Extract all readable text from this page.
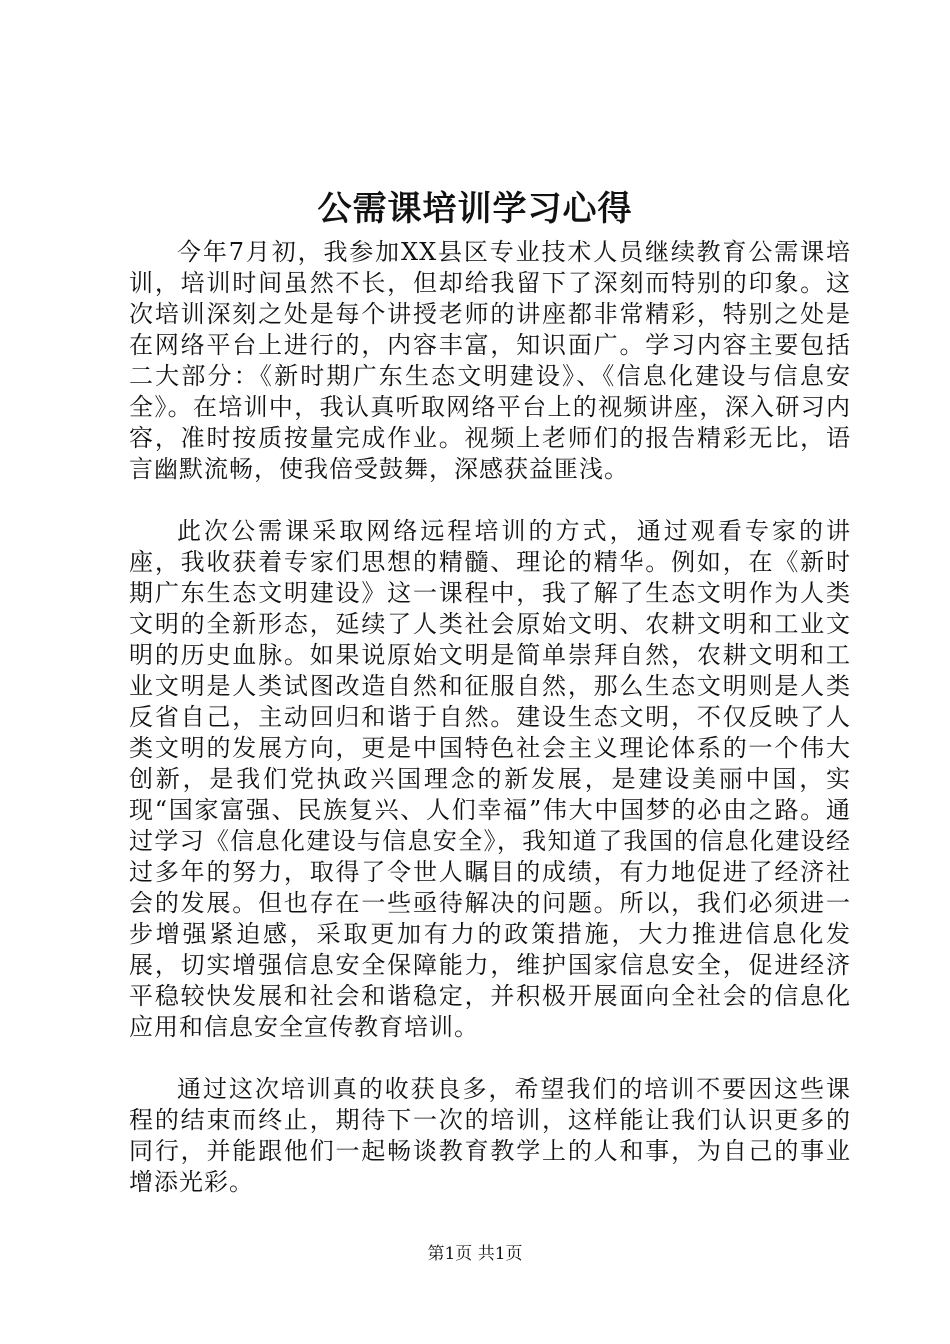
公需课培训学习心得

今年7月初，我参加XX县区专业技术人员继续教育公需课培训，培训时间虽然不长，但却给我留下了深刻而特别的印象。这次培训深刻之处是每个讲授老师的讲座都非常精彩，特别之处是在网络平台上进行的，内容丰富，知识面广。学习内容主要包括二大部分：《新时期广东生态文明建设》、《信息化建设与信息安全》。在培训中，我认真听取网络平台上的视频讲座，深入研习内容，准时按质按量完成作业。视频上老师们的报告精彩无比，语言幽默流畅，使我倍受鼓舞，深感获益匪浅。

此次公需课采取网络远程培训的方式，通过观看专家的讲座，我收获着专家们思想的精髓、理论的精华。例如，在《新时期广东生态文明建设》这一课程中，我了解了生态文明作为人类文明的全新形态，延续了人类社会原始文明、农耕文明和工业文明的历史血脉。如果说原始文明是简单崇拜自然，农耕文明和工业文明是人类试图改造自然和征服自然，那么生态文明则是人类反省自己，主动回归和谐于自然。建设生态文明，不仅反映了人类文明的发展方向，更是中国特色社会主义理论体系的一个伟大创新，是我们党执政兴国理念的新发展，是建设美丽中国，实现“国家富强、民族复兴、人们幸福”伟大中国梦的必由之路。通过学习《信息化建设与信息安全》，我知道了我国的信息化建设经过多年的努力，取得了令世人瞩目的成绩，有力地促进了经济社会的发展。但也存在一些亟待解决的问题。所以，我们必须进一步增强紧迫感，采取更加有力的政策措施，大力推进信息化发展，切实增强信息安全保障能力，维护国家信息安全，促进经济平稳较快发展和社会和谐稳定，并积极开展面向全社会的信息化应用和信息安全宣传教育培训。

通过这次培训真的收获良多，希望我们的培训不要因这些课程的结束而终止，期待下一次的培训，这样能让我们认识更多的同行，并能跟他们一起畅谈教育教学上的人和事，为自己的事业增添光彩。

第1页 共1页
